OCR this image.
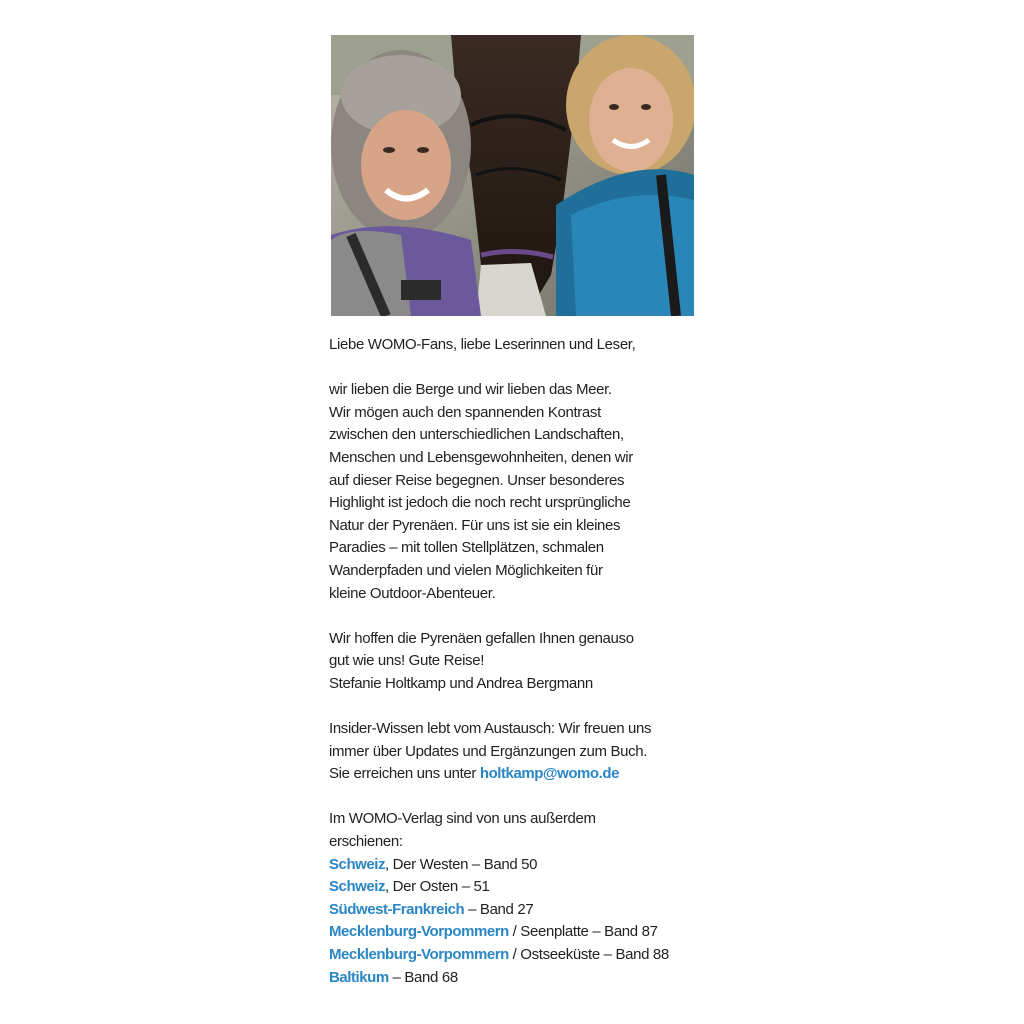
Liebe WOMO-Fans, liebe Leserinnen und Leser,

wir lieben die Berge und wir lieben das Meer.
Wir mögen auch den spannenden Kontrast
zwischen den unterschiedlichen Landschaften,
Menschen und Lebensgewohnheiten, denen wir
auf dieser Reise begegnen. Unser besonderes
Highlight ist jedoch die noch recht ursprüngliche
Natur der Pyrenäen. Für uns ist sie ein kleines
Paradies – mit tollen Stellplätzen, schmalen
Wanderpfaden und vielen Möglichkeiten für
kleine Outdoor-Abenteuer.

Wir hoffen die Pyrenäen gefallen Ihnen genauso
gut wie uns! Gute Reise!
Stefanie Holtkamp und Andrea Bergmann

Insider-Wissen lebt vom Austausch: Wir freuen uns
immer über Updates und Ergänzungen zum Buch.
Sie erreichen uns unter holtkamp@womo.de

Im WOMO-Verlag sind von uns außerdem
erschienen:
Schweiz, Der Westen – Band 50
Schweiz, Der Osten – 51
Südwest-Frankreich – Band 27
Mecklenburg-Vorpommern / Seenplatte – Band 87
Mecklenburg-Vorpommern / Ostseeküste – Band 88
Baltikum – Band 68
